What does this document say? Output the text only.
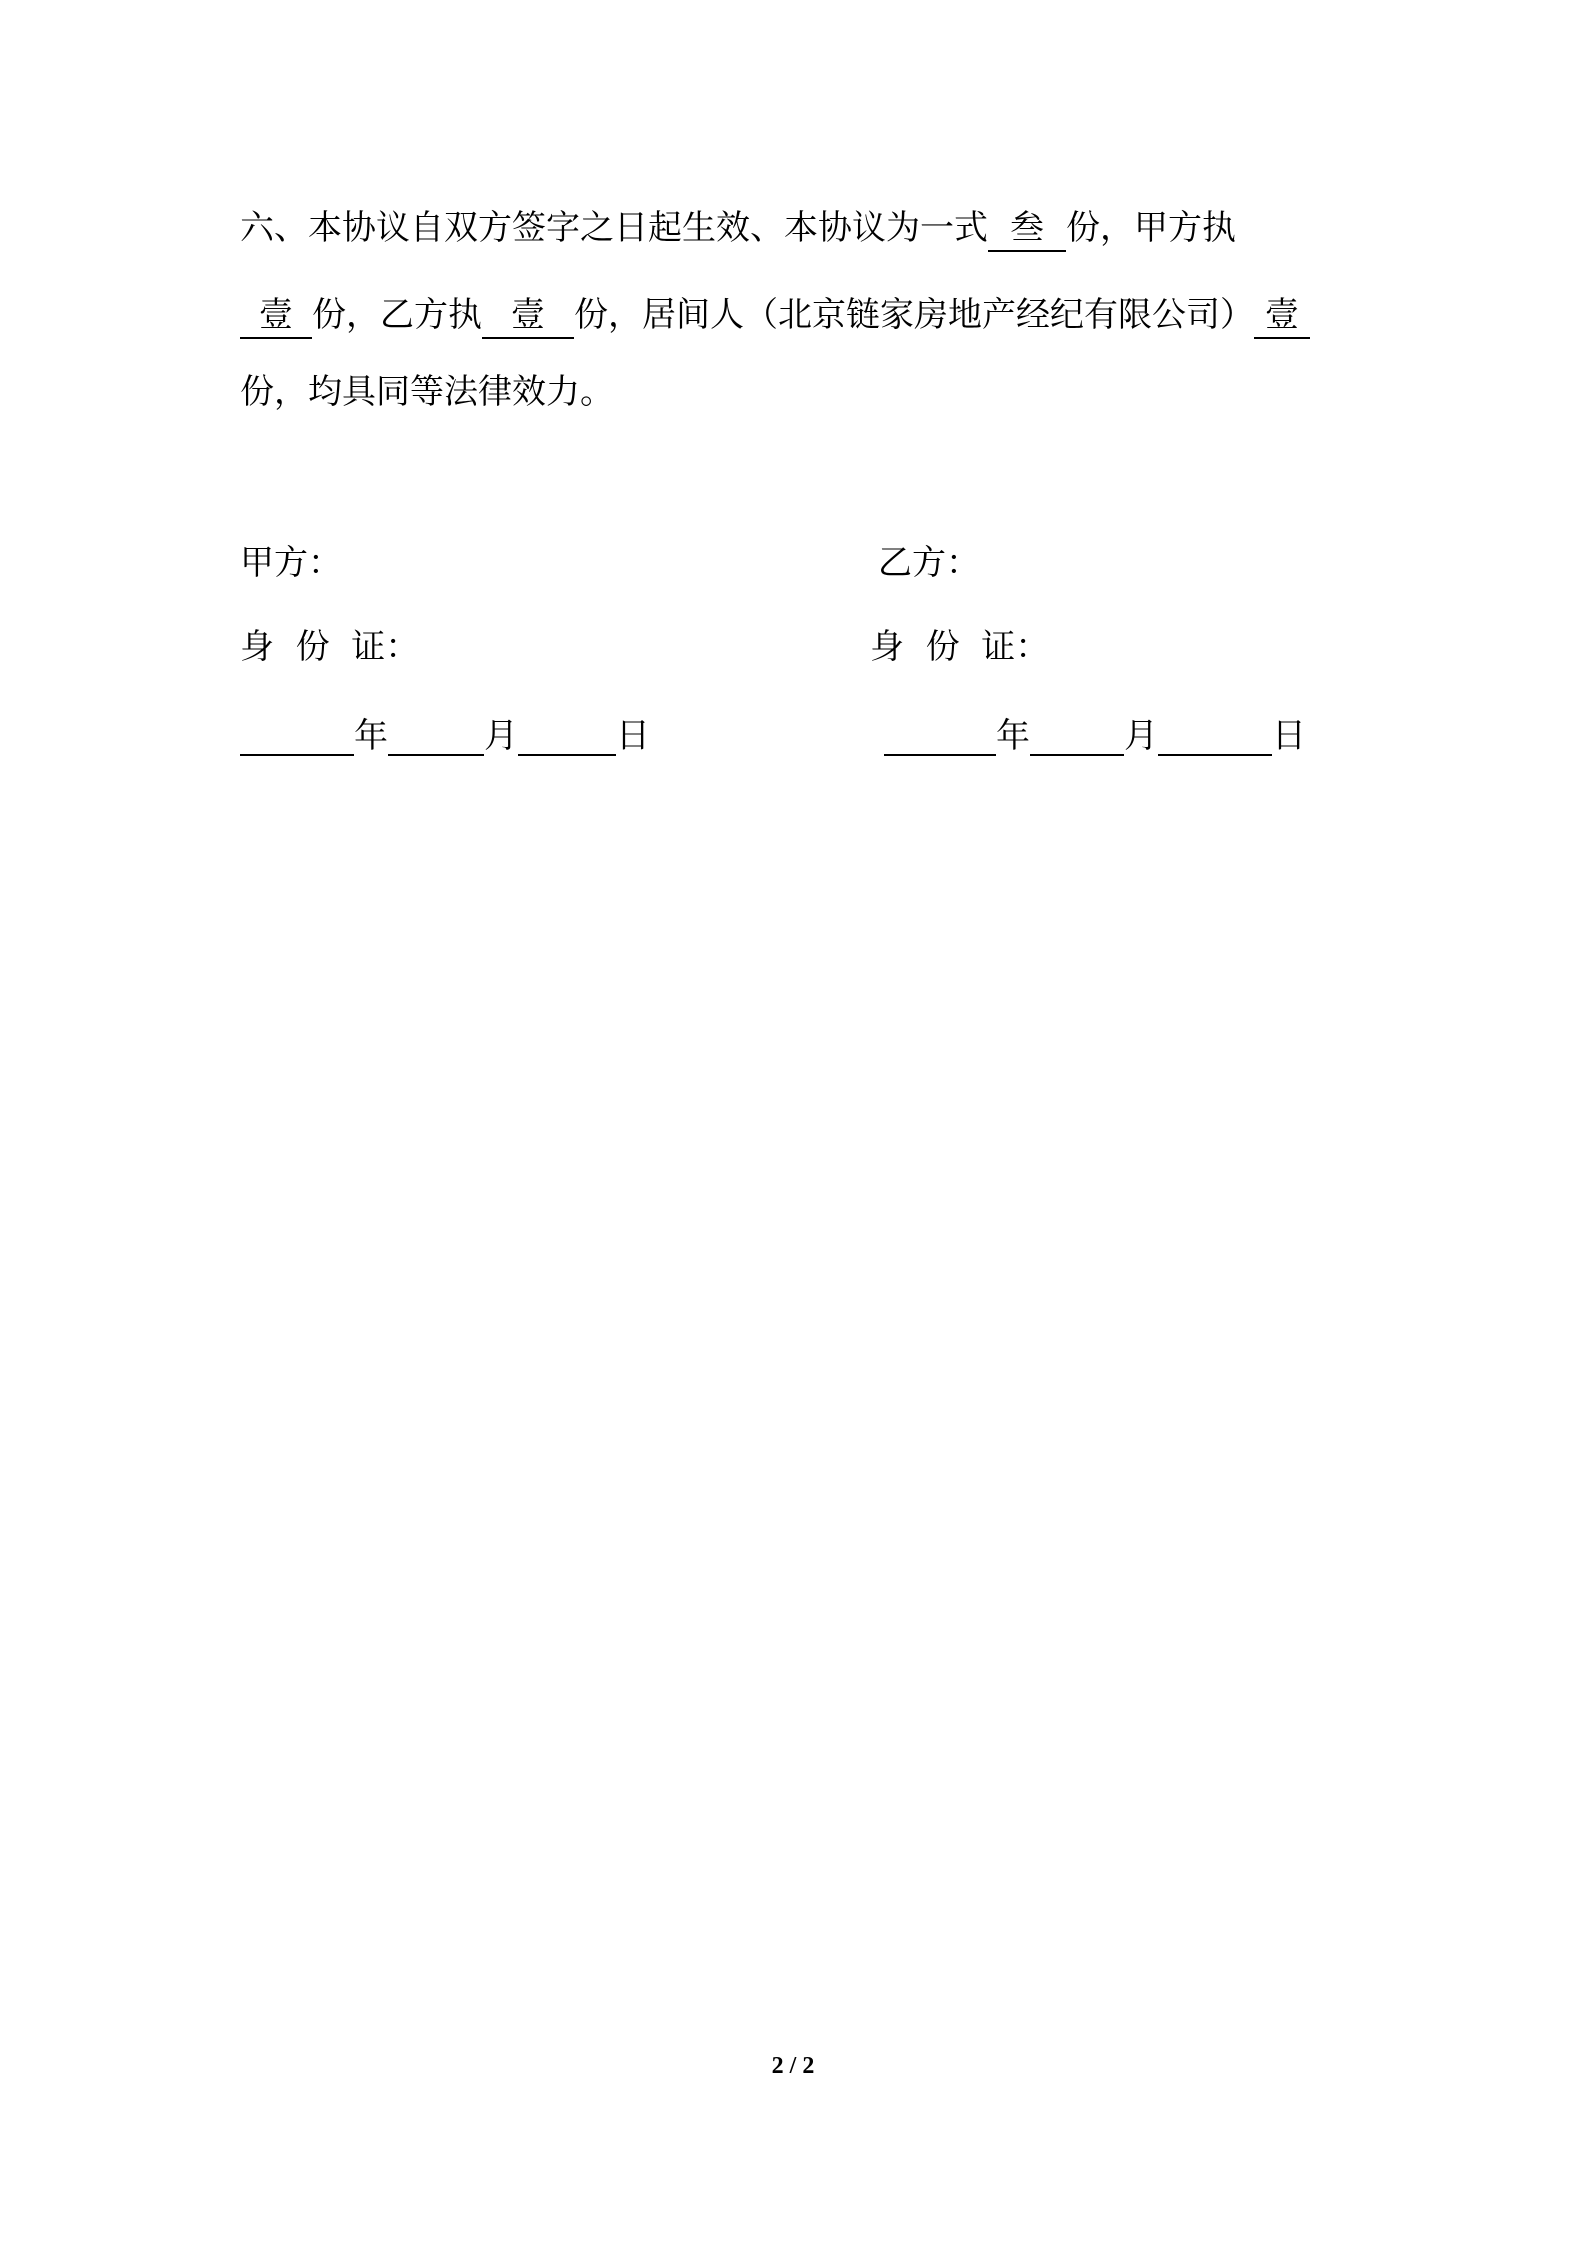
六、本协议自双方签字之日起生效、本协议为一式 叁 份，甲方执
壹 份，乙方执 壹 份，居间人（北京链家房地产经纪有限公司） 壹
份，均具同等法律效力。
甲方：
身  份  证：
年	月	日
乙方：
身  份  证：
年	月	日
2 / 2
